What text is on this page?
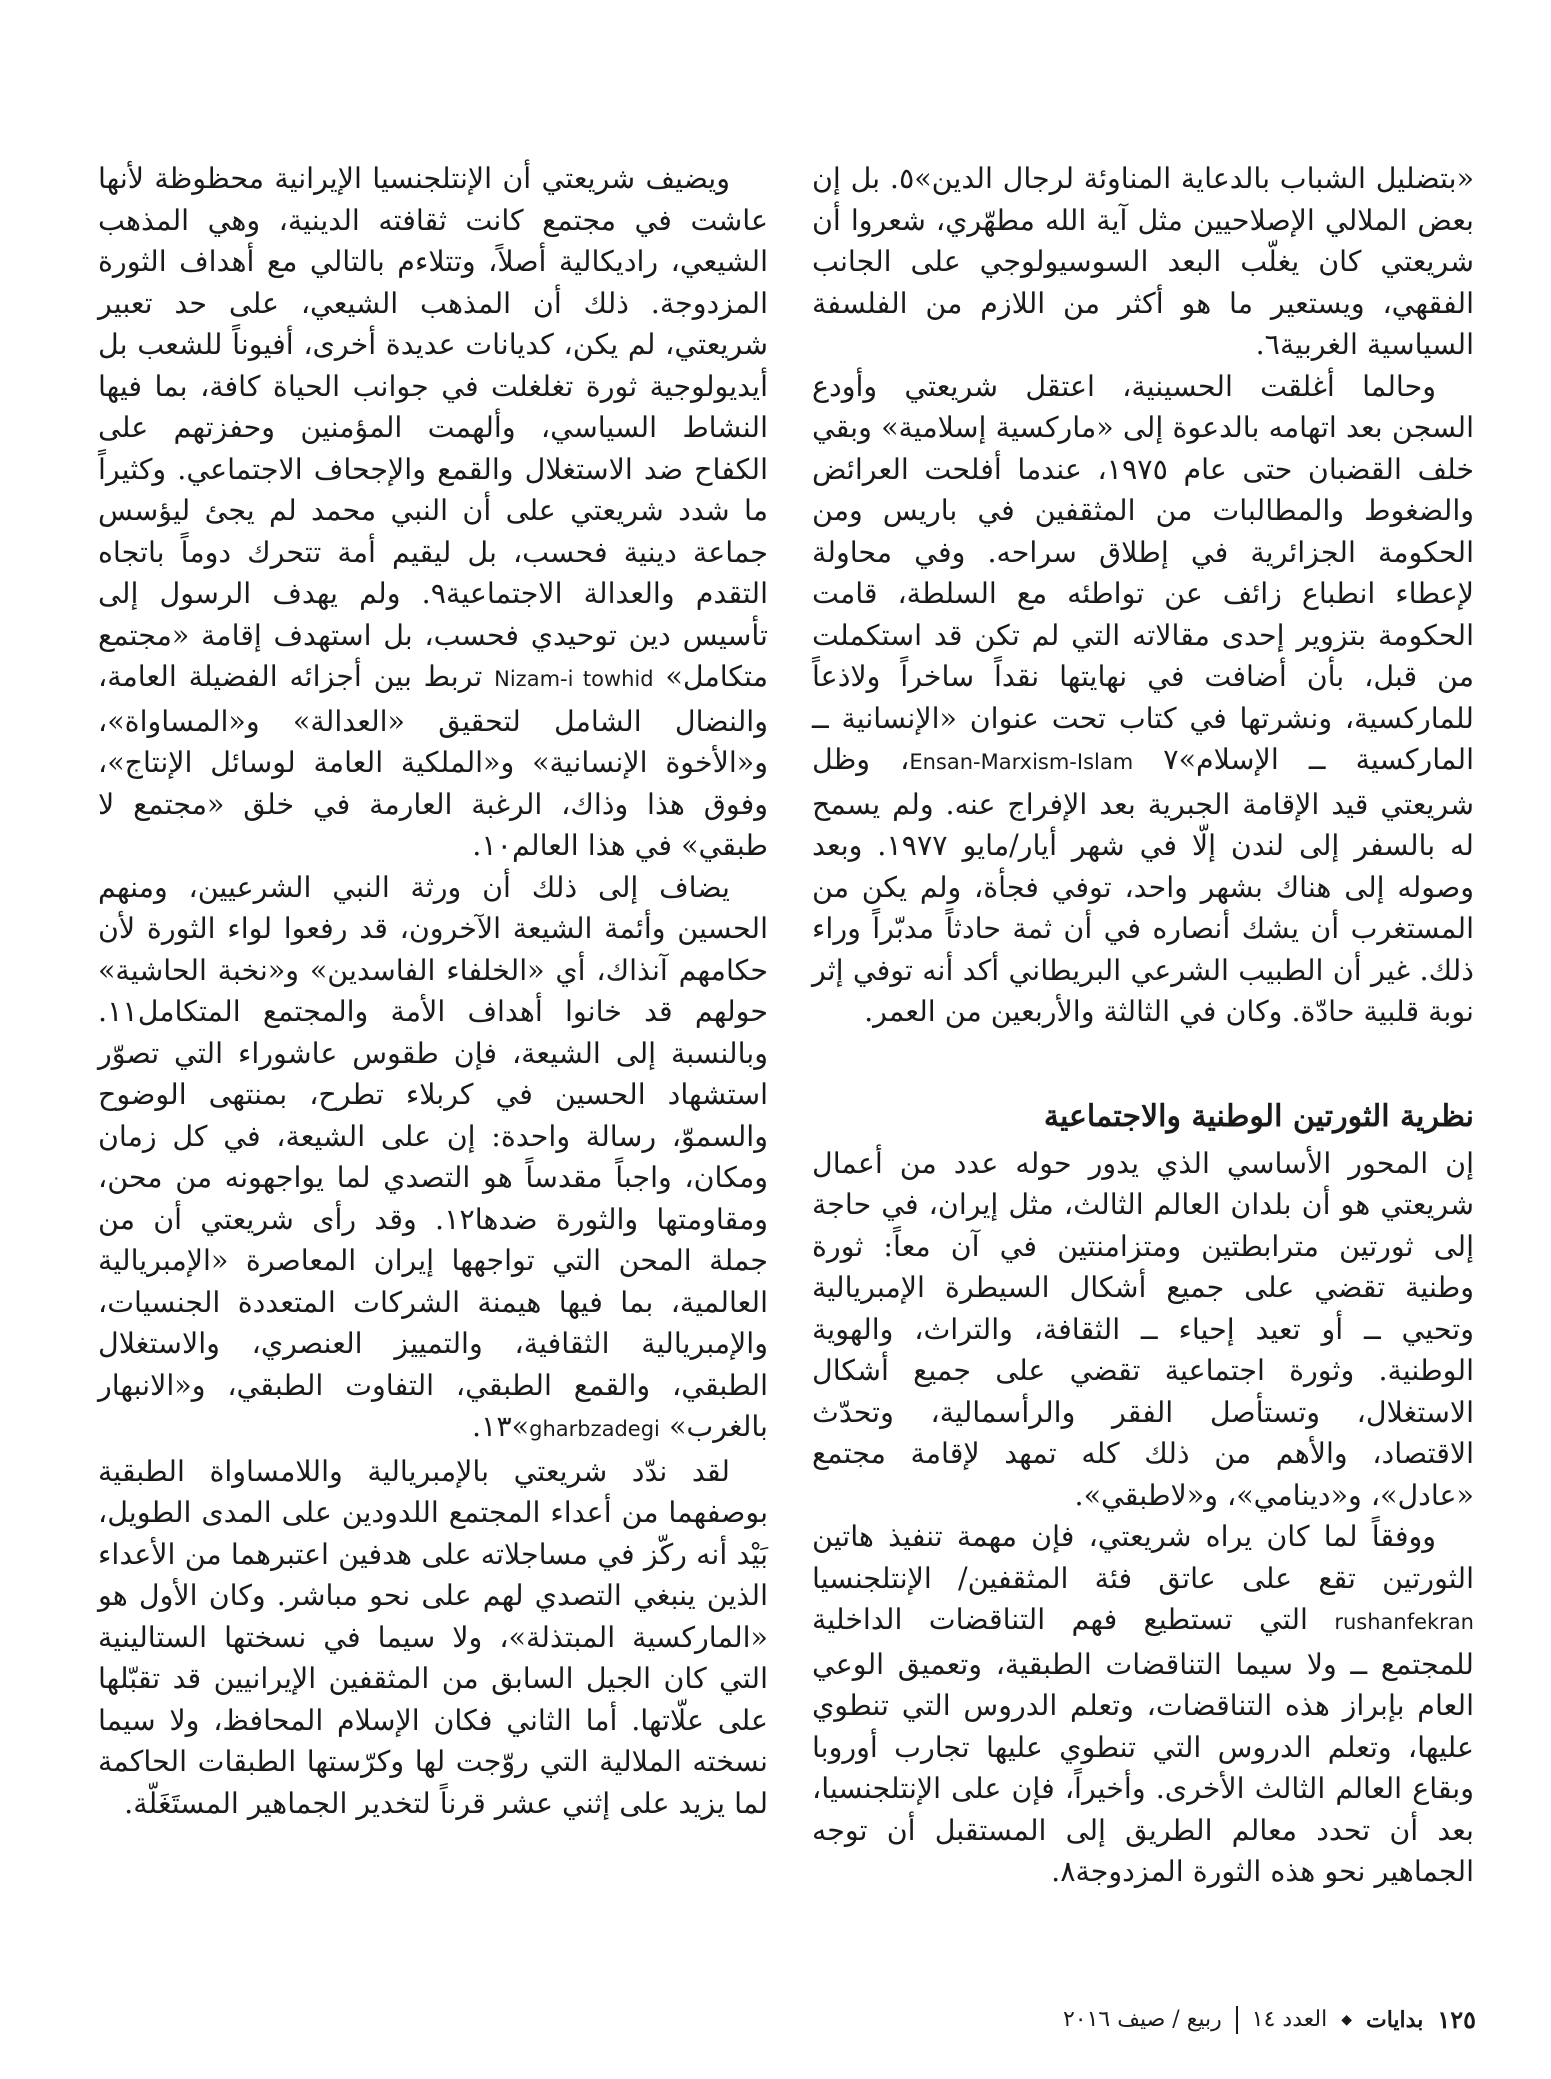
«بتضليل الشباب بالدعاية المناوئة لرجال الدين»٥. بل إن بعض الملالي الإصلاحيين مثل آية الله مطهّري، شعروا أن شريعتي كان يغلّب البعد السوسيولوجي على الجانب الفقهي، ويستعير ما هو أكثر من اللازم من الفلسفة السياسية الغربية٦.

وحالما أغلقت الحسينية، اعتقل شريعتي وأودع السجن بعد اتهامه بالدعوة إلى «ماركسية إسلامية» وبقي خلف القضبان حتى عام ١٩٧٥، عندما أفلحت العرائض والضغوط والمطالبات من المثقفين في باريس ومن الحكومة الجزائرية في إطلاق سراحه. وفي محاولة لإعطاء انطباع زائف عن تواطئه مع السلطة، قامت الحكومة بتزوير إحدى مقالاته التي لم تكن قد استكملت من قبل، بأن أضافت في نهايتها نقداً ساخراً ولاذعاً للماركسية، ونشرتها في كتاب تحت عنوان «الإنسانية ــ الماركسية ــ الإسلام»٧ Ensan-Marxism-Islam، وظل شريعتي قيد الإقامة الجبرية بعد الإفراج عنه. ولم يسمح له بالسفر إلى لندن إلّا في شهر أيار/مايو ١٩٧٧. وبعد وصوله إلى هناك بشهر واحد، توفي فجأة، ولم يكن من المستغرب أن يشك أنصاره في أن ثمة حادثاً مدبّراً وراء ذلك. غير أن الطبيب الشرعي البريطاني أكد أنه توفي إثر نوبة قلبية حادّة. وكان في الثالثة والأربعين من العمر.

نظرية الثورتين الوطنية والاجتماعية

إن المحور الأساسي الذي يدور حوله عدد من أعمال شريعتي هو أن بلدان العالم الثالث، مثل إيران، في حاجة إلى ثورتين مترابطتين ومتزامنتين في آن معاً: ثورة وطنية تقضي على جميع أشكال السيطرة الإمبريالية وتحيي ــ أو تعيد إحياء ــ الثقافة، والتراث، والهوية الوطنية. وثورة اجتماعية تقضي على جميع أشكال الاستغلال، وتستأصل الفقر والرأسمالية، وتحدّث الاقتصاد، والأهم من ذلك كله تمهد لإقامة مجتمع «عادل»، و«دينامي»، و«لاطبقي».

ووفقاً لما كان يراه شريعتي، فإن مهمة تنفيذ هاتين الثورتين تقع على عاتق فئة المثقفين/ الإنتلجنسيا rushanfekran التي تستطيع فهم التناقضات الداخلية للمجتمع ــ ولا سيما التناقضات الطبقية، وتعميق الوعي العام بإبراز هذه التناقضات، وتعلم الدروس التي تنطوي عليها، وتعلم الدروس التي تنطوي عليها تجارب أوروبا وبقاع العالم الثالث الأخرى. وأخيراً، فإن على الإنتلجنسيا، بعد أن تحدد معالم الطريق إلى المستقبل أن توجه الجماهير نحو هذه الثورة المزدوجة٨.

ويضيف شريعتي أن الإنتلجنسيا الإيرانية محظوظة لأنها عاشت في مجتمع كانت ثقافته الدينية، وهي المذهب الشيعي، راديكالية أصلاً، وتتلاءم بالتالي مع أهداف الثورة المزدوجة. ذلك أن المذهب الشيعي، على حد تعبير شريعتي، لم يكن، كديانات عديدة أخرى، أفيوناً للشعب بل أيديولوجية ثورة تغلغلت في جوانب الحياة كافة، بما فيها النشاط السياسي، وألهمت المؤمنين وحفزتهم على الكفاح ضد الاستغلال والقمع والإجحاف الاجتماعي. وكثيراً ما شدد شريعتي على أن النبي محمد لم يجئ ليؤسس جماعة دينية فحسب، بل ليقيم أمة تتحرك دوماً باتجاه التقدم والعدالة الاجتماعية٩. ولم يهدف الرسول إلى تأسيس دين توحيدي فحسب، بل استهدف إقامة «مجتمع متكامل» Nizam-i towhid تربط بين أجزائه الفضيلة العامة، والنضال الشامل لتحقيق «العدالة» و«المساواة»، و«الأخوة الإنسانية» و«الملكية العامة لوسائل الإنتاج»، وفوق هذا وذاك، الرغبة العارمة في خلق «مجتمع لا طبقي» في هذا العالم١٠.

يضاف إلى ذلك أن ورثة النبي الشرعيين، ومنهم الحسين وأئمة الشيعة الآخرون، قد رفعوا لواء الثورة لأن حكامهم آنذاك، أي «الخلفاء الفاسدين» و«نخبة الحاشية» حولهم قد خانوا أهداف الأمة والمجتمع المتكامل١١. وبالنسبة إلى الشيعة، فإن طقوس عاشوراء التي تصوّر استشهاد الحسين في كربلاء تطرح، بمنتهى الوضوح والسموّ، رسالة واحدة: إن على الشيعة، في كل زمان ومكان، واجباً مقدساً هو التصدي لما يواجهونه من محن، ومقاومتها والثورة ضدها١٢. وقد رأى شريعتي أن من جملة المحن التي تواجهها إيران المعاصرة «الإمبريالية العالمية، بما فيها هيمنة الشركات المتعددة الجنسيات، والإمبريالية الثقافية، والتمييز العنصري، والاستغلال الطبقي، والقمع الطبقي، التفاوت الطبقي، و«الانبهار بالغرب» gharbzadegi»١٣.

لقد ندّد شريعتي بالإمبريالية واللامساواة الطبقية بوصفهما من أعداء المجتمع اللدودين على المدى الطويل، بَيْد أنه ركّز في مساجلاته على هدفين اعتبرهما من الأعداء الذين ينبغي التصدي لهم على نحو مباشر. وكان الأول هو «الماركسية المبتذلة»، ولا سيما في نسختها الستالينية التي كان الجيل السابق من المثقفين الإيرانيين قد تقبّلها على علّاتها. أما الثاني فكان الإسلام المحافظ، ولا سيما نسخته الملالية التي روّجت لها وكرّستها الطبقات الحاكمة لما يزيد على إثني عشر قرناً لتخدير الجماهير المستَغَلّة.

١٢٥
بدايات
◆
العدد ١٤
ربيع / صيف ٢٠١٦
